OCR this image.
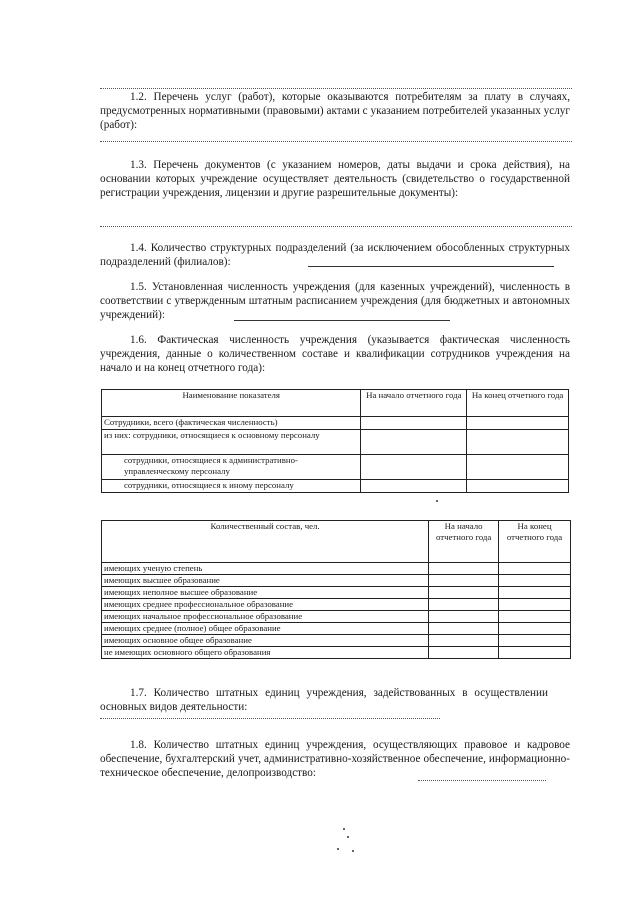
1.2. Перечень услуг (работ), которые оказываются потребителям за плату в случаях, предусмотренных нормативными (правовыми) актами с указанием потребителей указанных услуг (работ):

1.3. Перечень документов (с указанием номеров, даты выдачи и срока действия), на основании которых учреждение осуществляет деятельность (свидетельство о государственной регистрации учреждения, лицензии и другие разрешительные документы):

1.4. Количество структурных подразделений (за исключением обособленных структурных подразделений (филиалов):

1.5. Установленная численность учреждения (для казенных учреждений), численность в соответствии с утвержденным штатным расписанием учреждения (для бюджетных и автономных учреждений):

1.6. Фактическая численность учреждения (указывается фактическая численность учреждения, данные о количественном составе и квалификации сотрудников учреждения на начало и на конец отчетного года):

Наименование показателя	На начало отчетного года	На конец отчетного года
Сотрудники, всего (фактическая численность)		
из них: сотрудники, относящиеся к основному персоналу		
сотрудники, относящиеся к административно-управленческому персоналу		
сотрудники, относящиеся к иному персоналу		
Количественный состав, чел.	На начало отчетного года	На конец отчетного года
имеющих ученую степень		
имеющих высшее образование		
имеющих неполное высшее образование		
имеющих среднее профессиональное образование		
имеющих начальное профессиональное образование		
имеющих среднее (полное) общее образование		
имеющих основное общее образование		
не имеющих основного общего образования		

1.7. Количество штатных единиц учреждения, задействованных в осуществлении основных видов деятельности:

1.8. Количество штатных единиц учреждения, осуществляющих правовое и кадровое обеспечение, бухгалтерский учет, административно-хозяйственное обеспечение, информационно-техническое обеспечение, делопроизводство:
